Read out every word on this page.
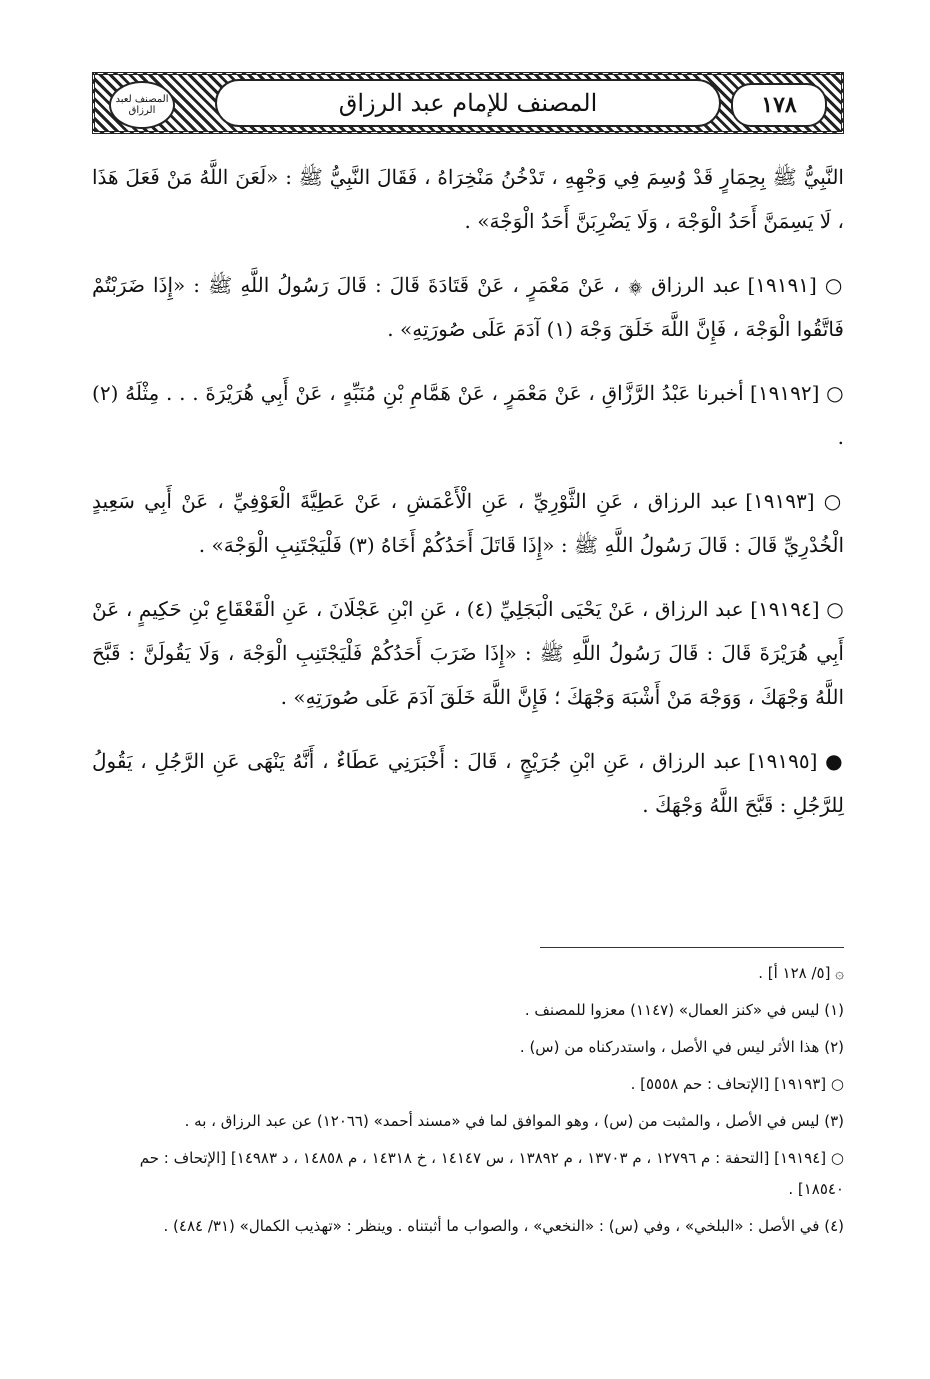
المصنف لعبد الرزاق	المصنف للإمام عبد الرزاق	١٧٨

النَّبِيُّ ﷺ بِحِمَارٍ قَدْ وُسِمَ فِي وَجْهِهِ ، تَدْخُنُ مَنْخِرَاهُ ، فَقَالَ النَّبِيُّ ﷺ : «لَعَنَ اللَّهُ مَنْ فَعَلَ هَذَا ، لَا يَسِمَنَّ أَحَدُ الْوَجْهَ ، وَلَا يَضْرِبَنَّ أَحَدُ الْوَجْهَ» .

○ [١٩١٩١] عبد الرزاق ۞ ، عَنْ مَعْمَرٍ ، عَنْ قَتَادَةَ قَالَ : قَالَ رَسُولُ اللَّهِ ﷺ : «إِذَا ضَرَبْتُمْ فَاتَّقُوا الْوَجْهَ ، فَإِنَّ اللَّهَ خَلَقَ وَجْهَ (١) آدَمَ عَلَى صُورَتِهِ» .

○ [١٩١٩٢] أخبرنا عَبْدُ الرَّزَّاقِ ، عَنْ مَعْمَرٍ ، عَنْ هَمَّامِ بْنِ مُنَبِّهٍ ، عَنْ أَبِي هُرَيْرَةَ . . . مِثْلَهُ (٢) .

○ [١٩١٩٣] عبد الرزاق ، عَنِ الثَّوْرِيِّ ، عَنِ الْأَعْمَشِ ، عَنْ عَطِيَّةَ الْعَوْفِيِّ ، عَنْ أَبِي سَعِيدٍ الْخُدْرِيِّ قَالَ : قَالَ رَسُولُ اللَّهِ ﷺ : «إِذَا قَاتَلَ أَحَدُكُمْ أَخَاهُ (٣) فَلْيَجْتَنِبِ الْوَجْهَ» .

○ [١٩١٩٤] عبد الرزاق ، عَنْ يَحْيَى الْبَجَلِيِّ (٤) ، عَنِ ابْنِ عَجْلَانَ ، عَنِ الْقَعْقَاعِ بْنِ حَكِيمٍ ، عَنْ أَبِي هُرَيْرَةَ قَالَ : قَالَ رَسُولُ اللَّهِ ﷺ : «إِذَا ضَرَبَ أَحَدُكُمْ فَلْيَجْتَنِبِ الْوَجْهَ ، وَلَا يَقُولَنَّ : قَبَّحَ اللَّهُ وَجْهَكَ ، وَوَجْهَ مَنْ أَشْبَهَ وَجْهَكَ ؛ فَإِنَّ اللَّهَ خَلَقَ آدَمَ عَلَى صُورَتِهِ» .

● [١٩١٩٥] عبد الرزاق ، عَنِ ابْنِ جُرَيْجٍ ، قَالَ : أَخْبَرَنِي عَطَاءٌ ، أَنَّهُ يَنْهَى عَنِ الرَّجُلِ ، يَقُولُ لِلرَّجُلِ : قَبَّحَ اللَّهُ وَجْهَكَ .

۞ [٥/ ١٢٨ أ] .
(١) ليس في «كنز العمال» (١١٤٧) معزوا للمصنف .
(٢) هذا الأثر ليس في الأصل ، واستدركناه من (س) .
○ [١٩١٩٣] [الإتحاف : حم ٥٥٥٨] .
(٣) ليس في الأصل ، والمثبت من (س) ، وهو الموافق لما في «مسند أحمد» (١٢٠٦٦) عن عبد الرزاق ، به .
○ [١٩١٩٤] [التحفة : م ١٢٧٩٦ ، م ١٣٧٠٣ ، م ١٣٨٩٢ ، س ١٤١٤٧ ، خ ١٤٣١٨ ، م ١٤٨٥٨ ، د ١٤٩٨٣] [الإتحاف : حم ١٨٥٤٠] .
(٤) في الأصل : «البلخي» ، وفي (س) : «النخعي» ، والصواب ما أثبتناه . وينظر : «تهذيب الكمال» (٣١/ ٤٨٤) .
